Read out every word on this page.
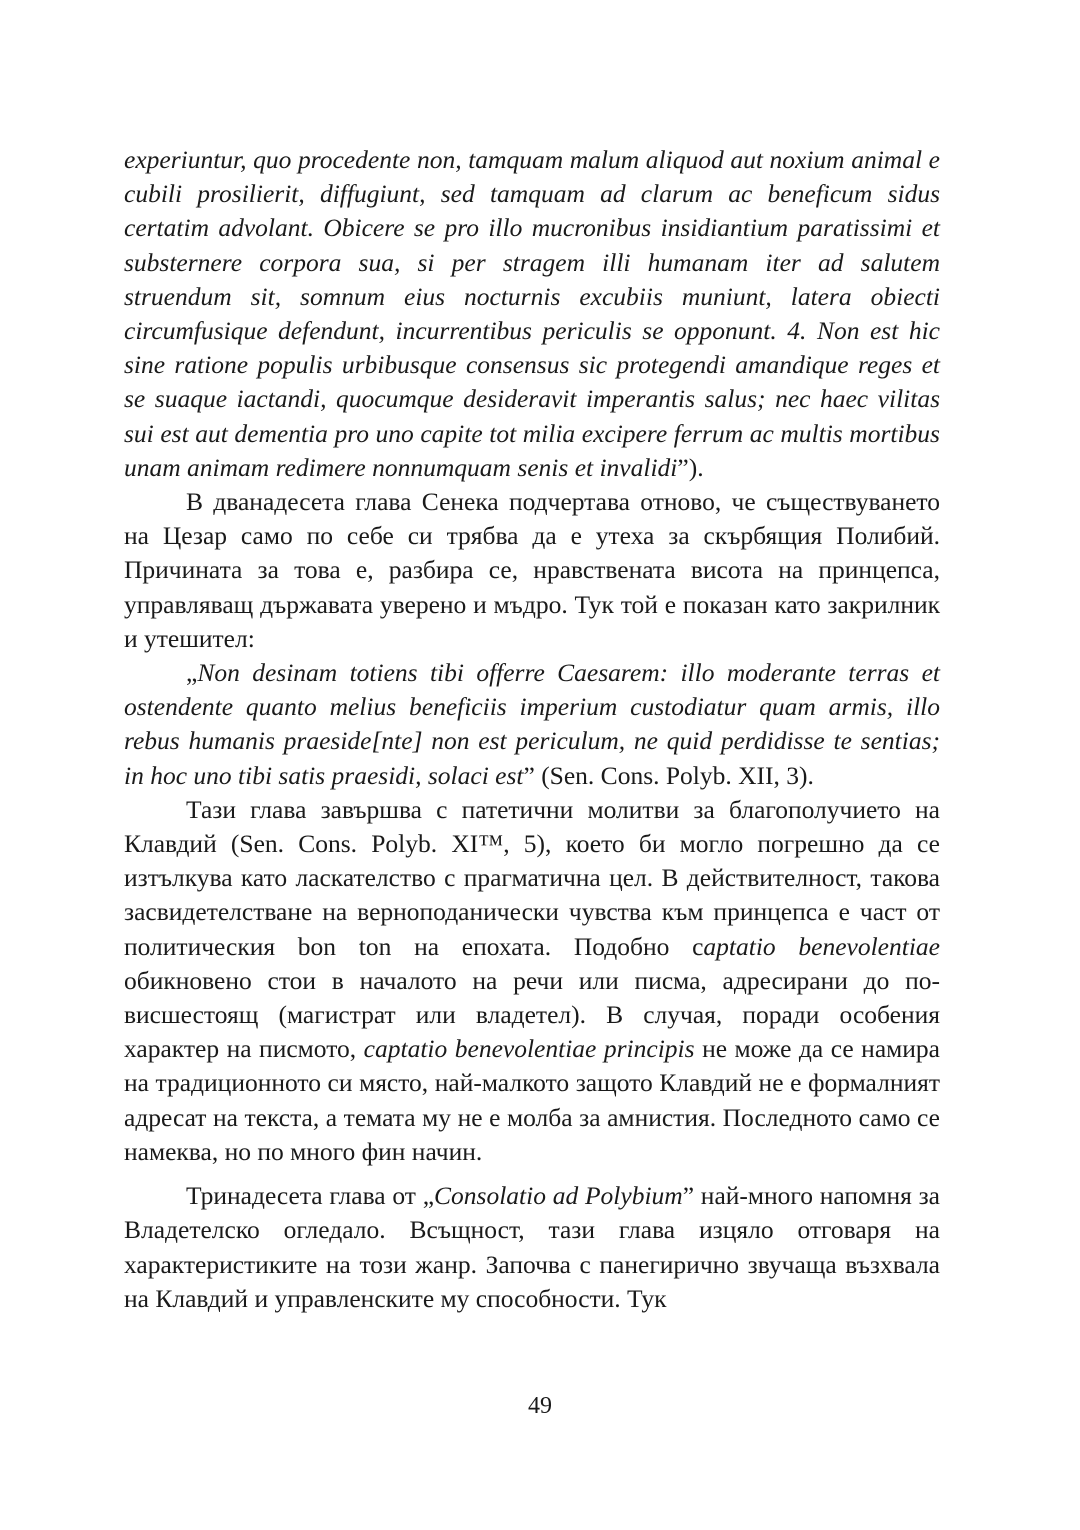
experiuntur, quo procedente non, tamquam malum aliquod aut noxium animal e cubili prosilierit, diffugiunt, sed tamquam ad clarum ac beneficum sidus certatim advolant. Obicere se pro illo mucronibus insidiantium paratissimi et substernere corpora sua, si per stragem illi humanam iter ad salutem struendum sit, somnum eius nocturnis excubiis muniunt, latera obiecti circumfusique defendunt, incurrentibus periculis se opponunt. 4. Non est hic sine ratione populis urbibusque consensus sic protegendi amandique reges et se suaque iactandi, quocumque desideravit imperantis salus; nec haec vilitas sui est aut dementia pro uno capite tot milia excipere ferrum ac multis mortibus unam animam redimere nonnumquam senis et invalidi”).

В дванадесета глава Сенека подчертава отново, че съществуването на Цезар само по себе си трябва да е утеха за скърбящия Полибий. Причината за това е, разбира се, нравствената висота на принцепса, управляващ държавата уверено и мъдро. Тук той е показан като закрилник и утешител:

„Non desinam totiens tibi offerre Caesarem: illo moderante terras et ostendente quanto melius beneficiis imperium custodiatur quam armis, illo rebus humanis praeside[nte] non est periculum, ne quid perdidisse te sentias; in hoc uno tibi satis praesidi, solaci est” (Sen. Cons. Polyb. XII, 3).

Тази глава завършва с патетични молитви за благополучието на Клавдий (Sen. Cons. Polyb. XI™, 5), което би могло погрешно да се изтълкува като ласкателство с прагматична цел. В действителност, такова засвидетелстване на верноподанически чувства към принцепса е част от политическия bon ton на епохата. Подобно captatio benevolentiae обикновено стои в началото на речи или писма, адресирани до по-висшестоящ (магистрат или владетел). В случая, поради особения характер на писмото, captatio benevolentiae principis не може да се намира на традиционното си място, най-малкото защото Клавдий не е формалният адресат на текста, а темата му не е молба за амнистия. Последното само се намеква, но по много фин начин.

Тринадесета глава от „Consolatio ad Polybium” най-много напомня за Владетелско огледало. Всъщност, тази глава изцяло отговаря на характеристиките на този жанр. Започва с панегирично звучаща възхвала на Клавдий и управленските му способности. Тук

49
